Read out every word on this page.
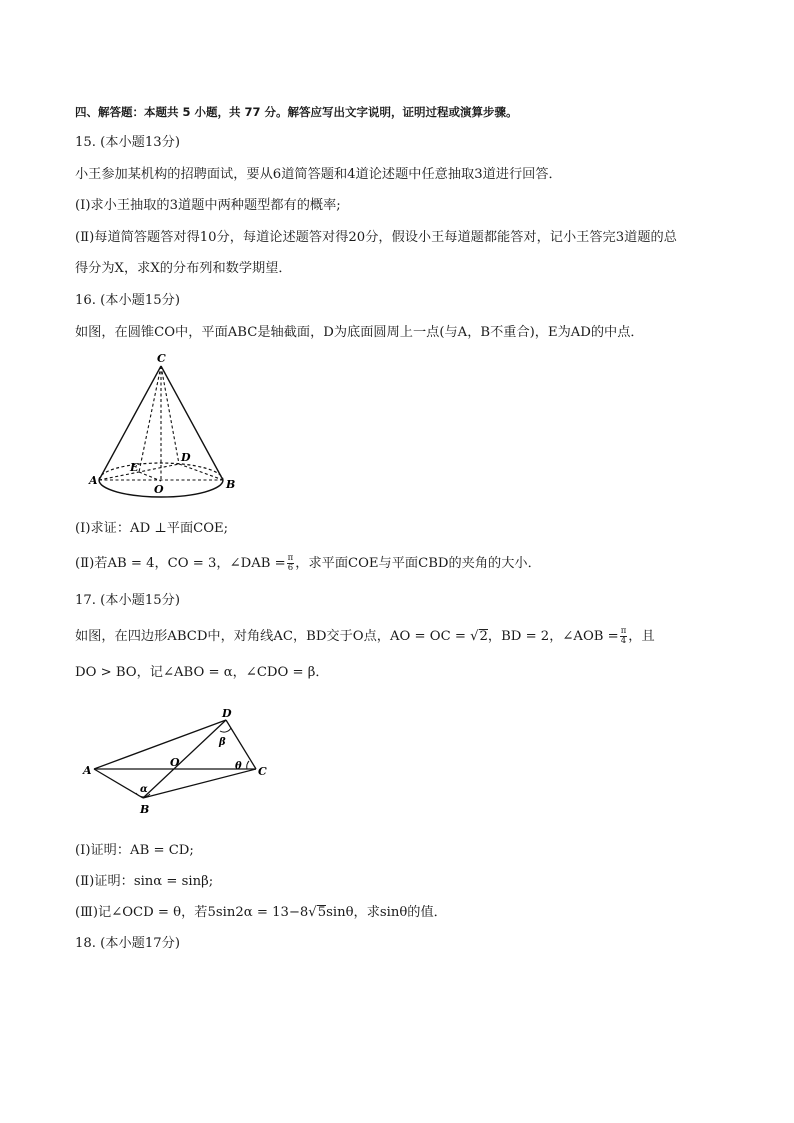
四、解答题：本题共 5 小题，共 77 分。解答应写出文字说明，证明过程或演算步骤。
15. (本小题13分)
小王参加某机构的招聘面试，要从6道简答题和4道论述题中任意抽取3道进行回答．
(Ⅰ)求小王抽取的3道题中两种题型都有的概率;
(Ⅱ)每道简答题答对得10分，每道论述题答对得20分，假设小王每道题都能答对，记小王答完3道题的总
得分为X，求X的分布列和数学期望．
16. (本小题15分)
如图，在圆锥CO中，平面ABC是轴截面，D为底面圆周上一点(与A，B不重合)，E为AD的中点．
C
A	B
D
E
O
(Ⅰ)求证：AD ⊥平面COE;
(Ⅱ)若AB = 4，CO = 3，∠DAB = $\frac{\pi}{6}$ ，求平面COE与平面CBD的夹角的大小．
17. (本小题15分)
如图，在四边形ABCD中，对角线AC，BD交于O点，AO = OC = √2，BD = 2，∠AOB = $\frac{\pi}{4}$ ，且
DO > BO，记∠ABO = α，∠CDO = β．
A
B
C
D
O
α
β
θ
(Ⅰ)证明：AB = CD;
(Ⅱ)证明：sinα = sinβ;
(Ⅲ)记∠OCD = θ，若5sin2α = 13−8√5sinθ，求sinθ的值．
18. (本小题17分)
